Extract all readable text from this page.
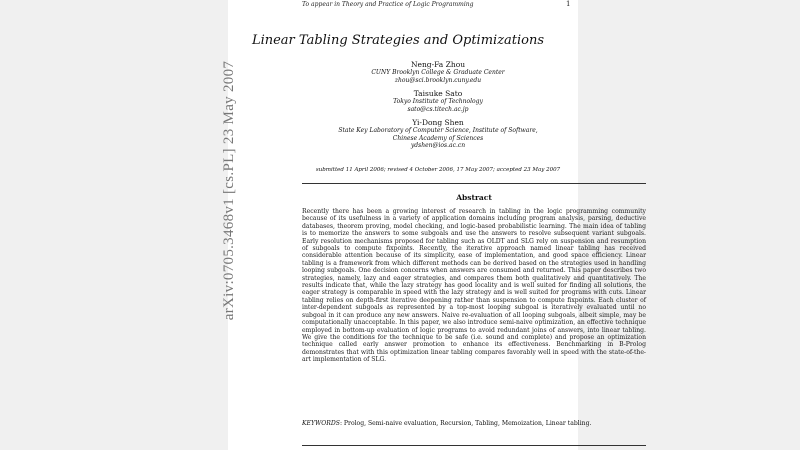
To appear in Theory and Practice of Logic Programming	1
Linear Tabling Strategies and Optimizations
Neng-Fa Zhou
CUNY Brooklyn College & Graduate Center
zhou@sci.brooklyn.cuny.edu
Taisuke Sato
Tokyo Institute of Technology
sato@cs.titech.ac.jp
Yi-Dong Shen
State Key Laboratory of Computer Science, Institute of Software,
Chinese Academy of Sciences
ydshen@ios.ac.cn
submitted 11 April 2006; revised 4 October 2006, 17 May 2007; accepted 23 May 2007
Abstract
Recently there has been a growing interest of research in tabling in the logic programming community because of its usefulness in a variety of application domains including program analysis, parsing, deductive databases, theorem proving, model checking, and logic-based probabilistic learning. The main idea of tabling is to memorize the answers to some subgoals and use the answers to resolve subsequent variant subgoals. Early resolution mechanisms proposed for tabling such as OLDT and SLG rely on suspension and resumption of subgoals to compute fixpoints. Recently, the iterative approach named linear tabling has received considerable attention because of its simplicity, ease of implementation, and good space efficiency. Linear tabling is a framework from which different methods can be derived based on the strategies used in handling looping subgoals. One decision concerns when answers are consumed and returned. This paper describes two strategies, namely, lazy and eager strategies, and compares them both qualitatively and quantitatively. The results indicate that, while the lazy strategy has good locality and is well suited for finding all solutions, the eager strategy is comparable in speed with the lazy strategy and is well suited for programs with cuts. Linear tabling relies on depth-first iterative deepening rather than suspension to compute fixpoints. Each cluster of inter-dependent subgoals as represented by a top-most looping subgoal is iteratively evaluated until no subgoal in it can produce any new answers. Naive re-evaluation of all looping subgoals, albeit simple, may be computationally unacceptable. In this paper, we also introduce semi-naive optimization, an effective technique employed in bottom-up evaluation of logic programs to avoid redundant joins of answers, into linear tabling. We give the conditions for the technique to be safe (i.e. sound and complete) and propose an optimization technique called early answer promotion to enhance its effectiveness. Benchmarking in B-Prolog demonstrates that with this optimization linear tabling compares favorably well in speed with the state-of-the-art implementation of SLG.
KEYWORDS: Prolog, Semi-naive evaluation, Recursion, Tabling, Memoization, Linear tabling.
arXiv:0705.3468v1 [cs.PL] 23 May 2007
